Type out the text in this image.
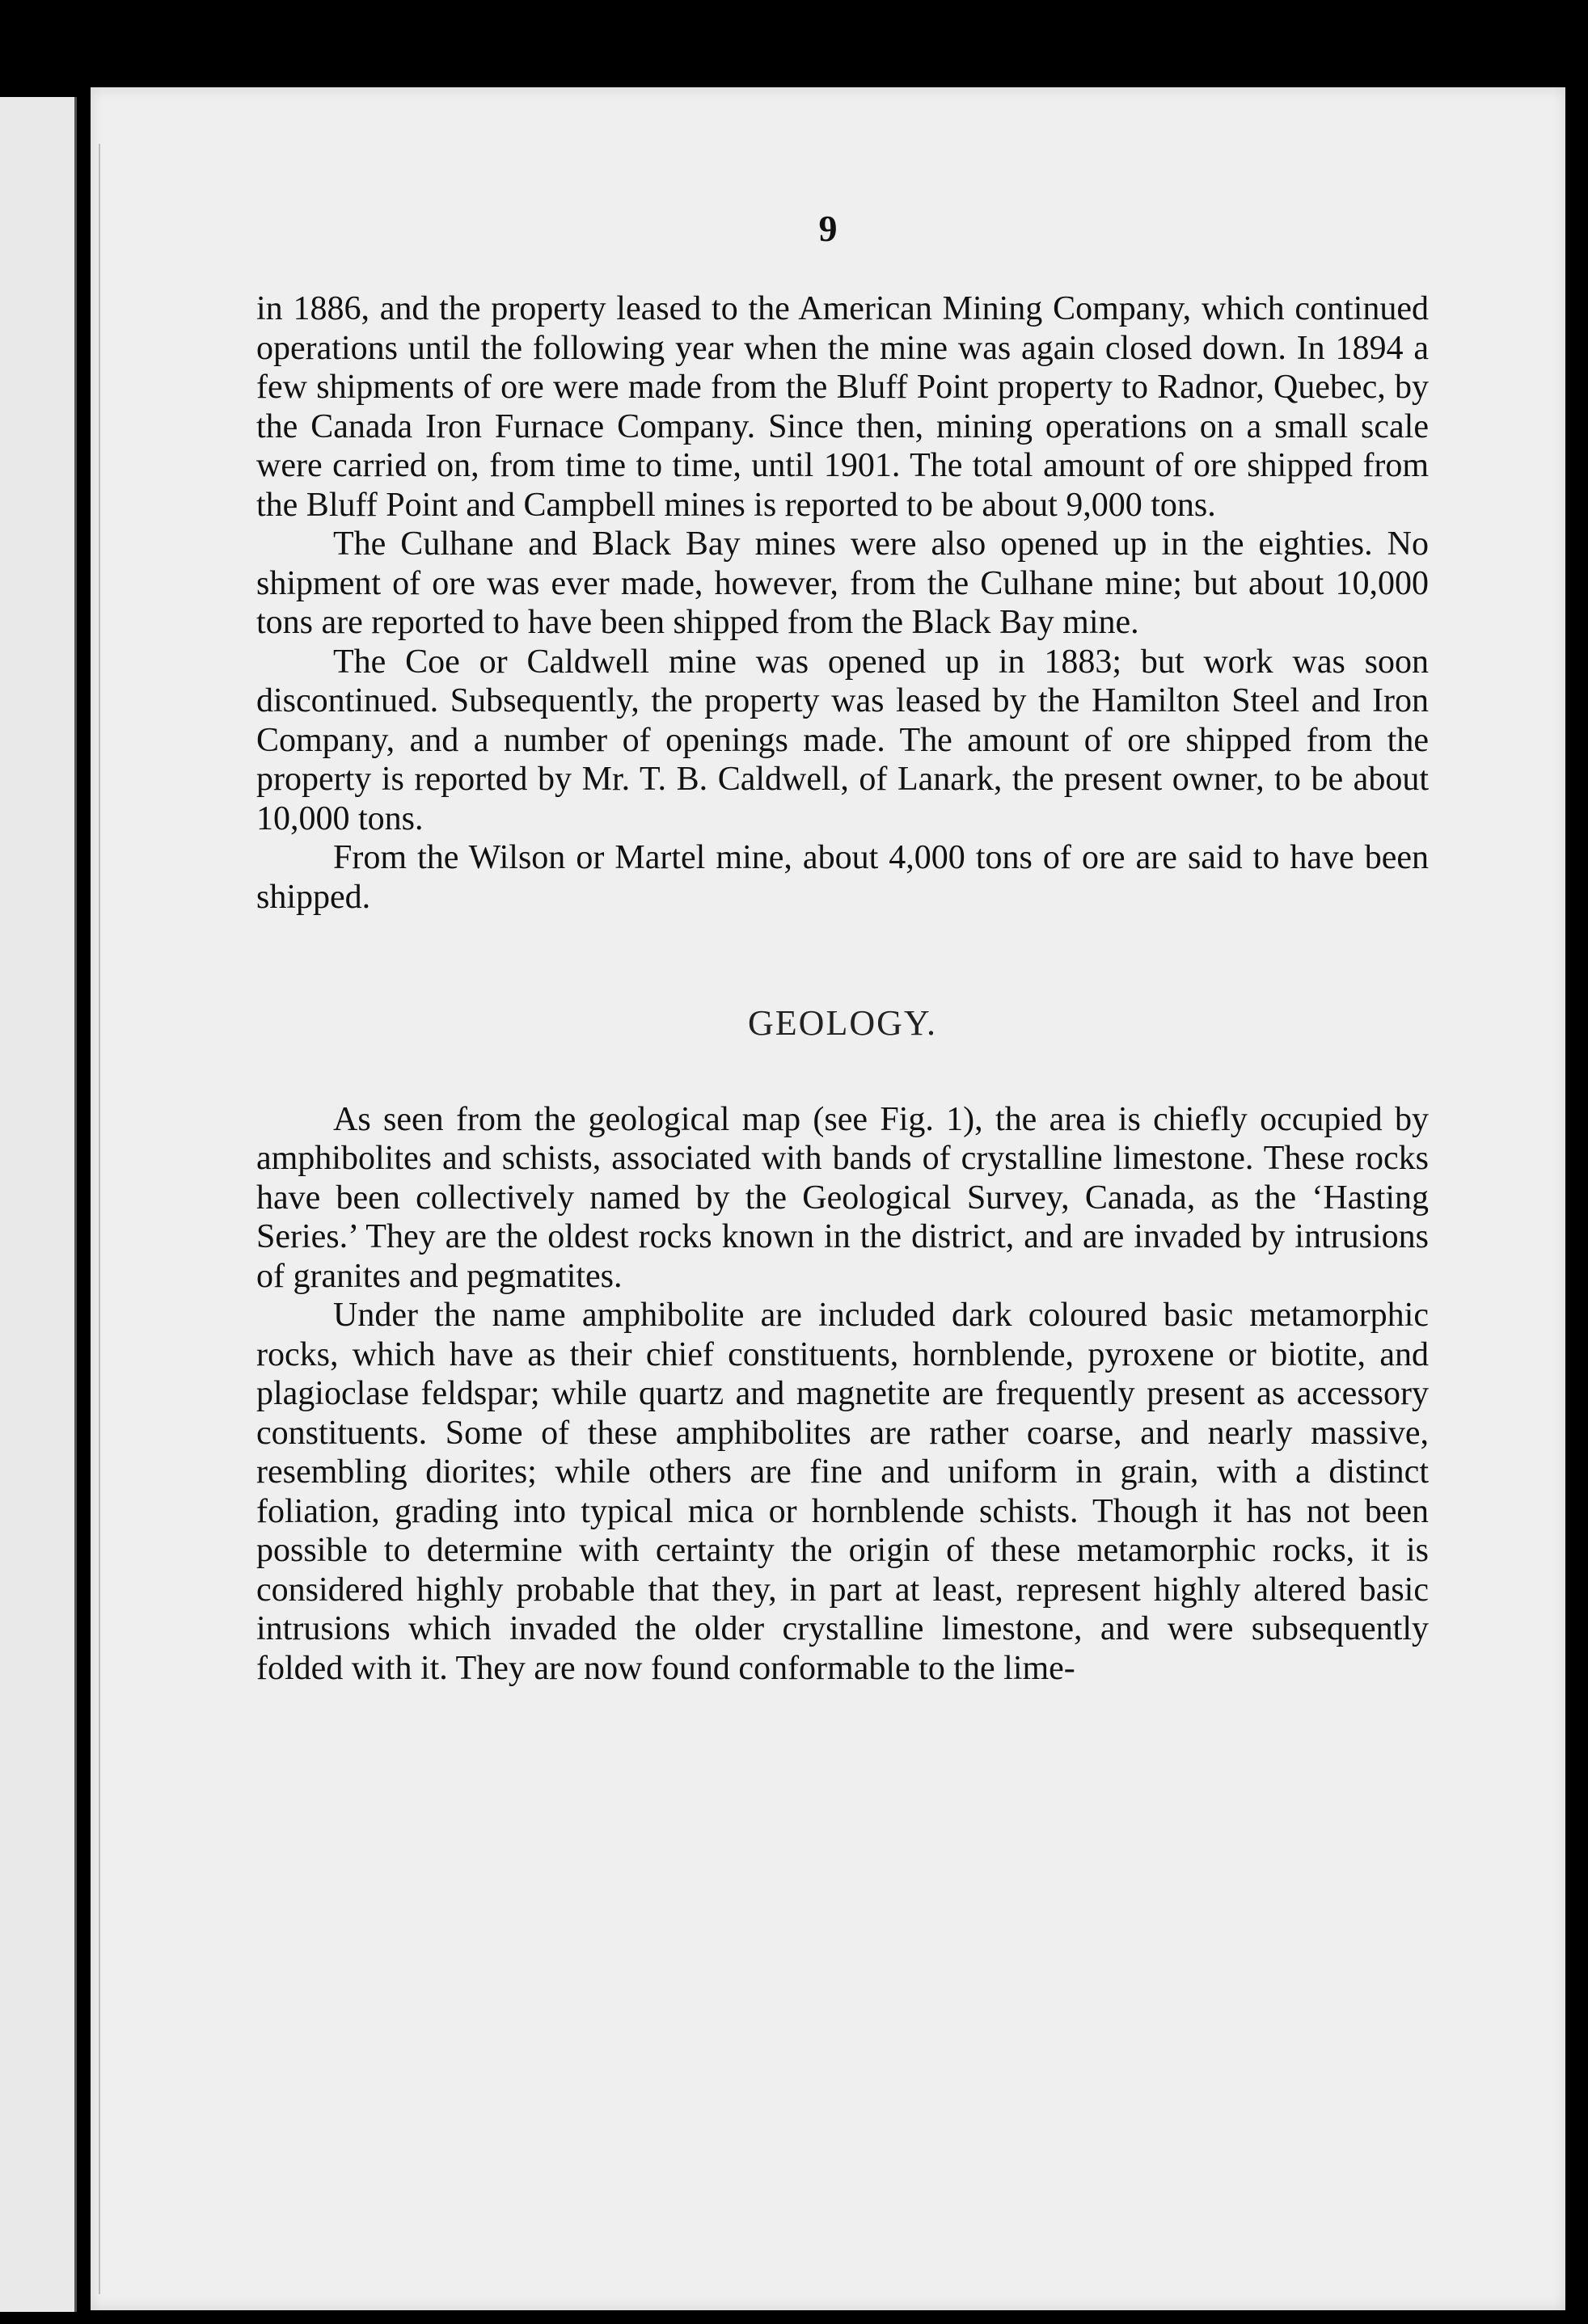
9

in 1886, and the property leased to the American Mining Company, which continued operations until the following year when the mine was again closed down. In 1894 a few shipments of ore were made from the Bluff Point property to Radnor, Quebec, by the Canada Iron Furnace Company. Since then, mining operations on a small scale were carried on, from time to time, until 1901. The total amount of ore shipped from the Bluff Point and Campbell mines is reported to be about 9,000 tons.

The Culhane and Black Bay mines were also opened up in the eighties. No shipment of ore was ever made, however, from the Culhane mine; but about 10,000 tons are reported to have been shipped from the Black Bay mine.

The Coe or Caldwell mine was opened up in 1883; but work was soon discontinued. Subsequently, the property was leased by the Hamilton Steel and Iron Company, and a number of openings made. The amount of ore shipped from the property is reported by Mr. T. B. Caldwell, of Lanark, the present owner, to be about 10,000 tons.

From the Wilson or Martel mine, about 4,000 tons of ore are said to have been shipped.

GEOLOGY.

As seen from the geological map (see Fig. 1), the area is chiefly occupied by amphibolites and schists, associated with bands of crystalline limestone. These rocks have been collectively named by the Geological Survey, Canada, as the ‘Hasting Series.’ They are the oldest rocks known in the district, and are invaded by intrusions of granites and pegmatites.

Under the name amphibolite are included dark coloured basic metamorphic rocks, which have as their chief constituents, hornblende, pyroxene or biotite, and plagioclase feldspar; while quartz and magnetite are frequently present as accessory constituents. Some of these amphibolites are rather coarse, and nearly massive, resembling diorites; while others are fine and uniform in grain, with a distinct foliation, grading into typical mica or hornblende schists. Though it has not been possible to determine with certainty the origin of these metamorphic rocks, it is considered highly probable that they, in part at least, represent highly altered basic intrusions which invaded the older crystalline limestone, and were subsequently folded with it. They are now found conformable to the lime-
